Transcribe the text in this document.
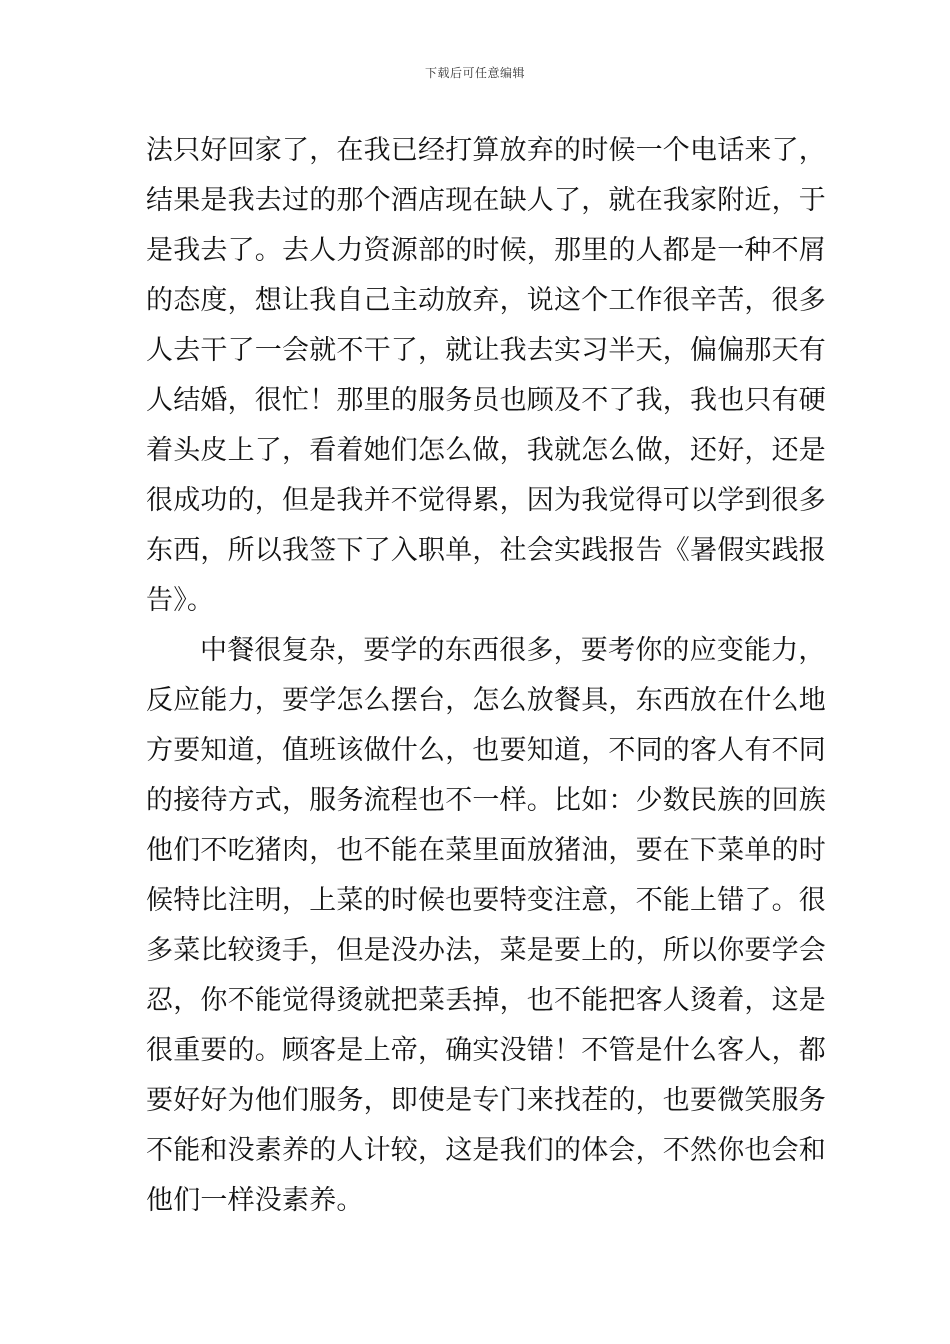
下载后可任意编辑
法只好回家了，在我已经打算放弃的时候一个电话来了，
结果是我去过的那个酒店现在缺人了，就在我家附近，于
是我去了。去人力资源部的时候，那里的人都是一种不屑
的态度，想让我自己主动放弃，说这个工作很辛苦，很多
人去干了一会就不干了，就让我去实习半天，偏偏那天有
人结婚，很忙！那里的服务员也顾及不了我，我也只有硬
着头皮上了，看着她们怎么做，我就怎么做，还好，还是
很成功的，但是我并不觉得累，因为我觉得可以学到很多
东西，所以我签下了入职单，社会实践报告《暑假实践报
告》。
中餐很复杂，要学的东西很多，要考你的应变能力，
反应能力，要学怎么摆台，怎么放餐具，东西放在什么地
方要知道，值班该做什么，也要知道，不同的客人有不同
的接待方式，服务流程也不一样。比如：少数民族的回族
他们不吃猪肉，也不能在菜里面放猪油，要在下菜单的时
候特比注明，上菜的时候也要特变注意，不能上错了。很
多菜比较烫手，但是没办法，菜是要上的，所以你要学会
忍，你不能觉得烫就把菜丢掉，也不能把客人烫着，这是
很重要的。顾客是上帝，确实没错！不管是什么客人，都
要好好为他们服务，即使是专门来找茬的，也要微笑服务
不能和没素养的人计较，这是我们的体会，不然你也会和
他们一样没素养。
